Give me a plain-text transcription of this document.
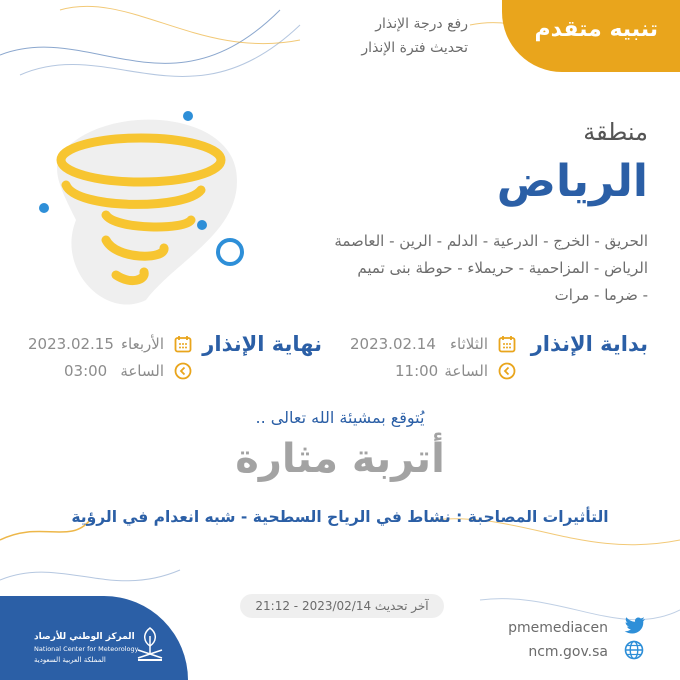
تنبيه متقدم
رفع درجة الإنذار
تحديث فترة الإنذار
منطقة
الرياض
الحريق - الخرج - الدرعية - الدلم - الرين - العاصمة
الرياض - المزاحمية - حريملاء - حوطة بنى تميم
- ضرما - مرات
بداية الإنذار
الثلاثاء
2023.02.14
الساعة
11:00
نهاية الإنذار
الأربعاء
2023.02.15
الساعة
03:00
يُتوقع بمشيئة الله تعالى ..
أتربة مثارة
التأثيرات المصاحبة : نشاط في الرياح السطحية - شبه انعدام في الرؤية
آخر تحديث 2023/02/14 - 21:12
المركز الوطني للأرصاد
National Center for Meteorology
المملكة العربية السعودية
pmemediacen
ncm.gov.sa
